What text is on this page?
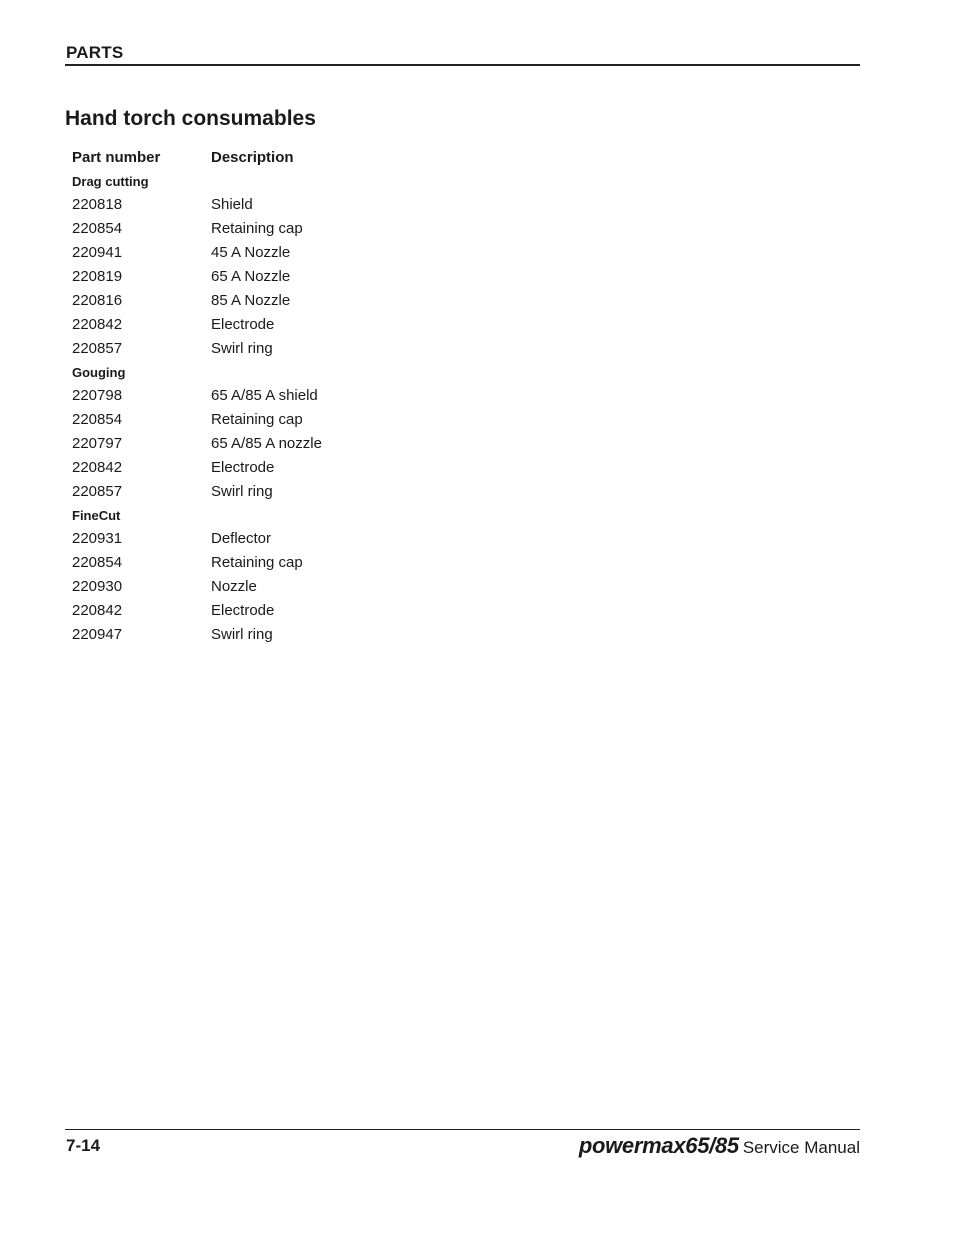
PARTS
Hand torch consumables
Part number	Description
Drag cutting
220818	Shield
220854	Retaining cap
220941	45 A Nozzle
220819	65 A Nozzle
220816	85 A Nozzle
220842	Electrode
220857	Swirl ring
Gouging
220798	65 A/85 A shield
220854	Retaining cap
220797	65 A/85 A nozzle
220842	Electrode
220857	Swirl ring
FineCut
220931	Deflector
220854	Retaining cap
220930	Nozzle
220842	Electrode
220947	Swirl ring
7-14	powermax65/85 Service Manual
